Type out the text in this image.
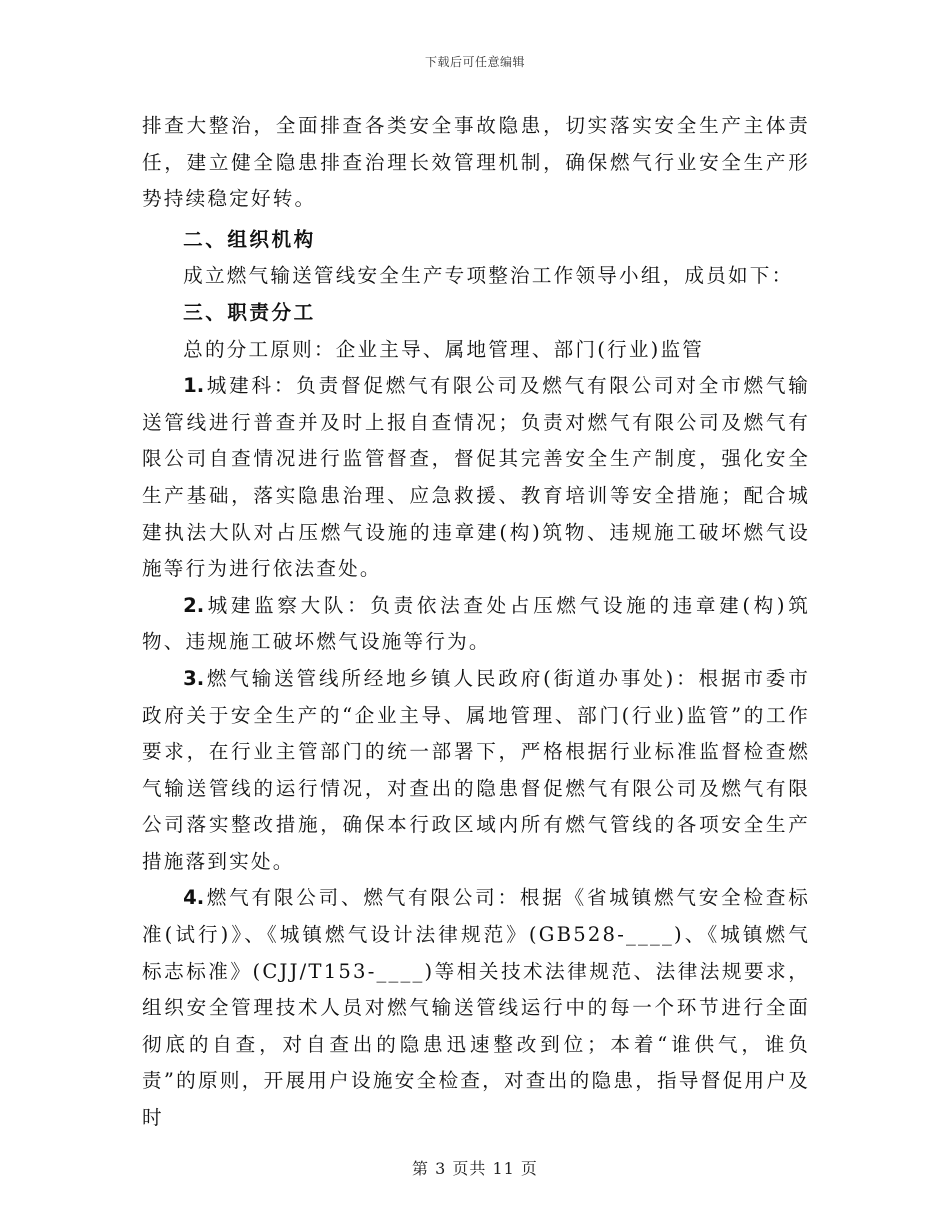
下载后可任意编辑

排查大整治，全面排查各类安全事故隐患，切实落实安全生产主体责任，建立健全隐患排查治理长效管理机制，确保燃气行业安全生产形势持续稳定好转。

二、组织机构

成立燃气输送管线安全生产专项整治工作领导小组，成员如下：

三、职责分工

总的分工原则：企业主导、属地管理、部门(行业)监管

1. 城建科：负责督促燃气有限公司及燃气有限公司对全市燃气输送管线进行普查并及时上报自查情况；负责对燃气有限公司及燃气有限公司自查情况进行监管督查，督促其完善安全生产制度，强化安全生产基础，落实隐患治理、应急救援、教育培训等安全措施；配合城建执法大队对占压燃气设施的违章建(构)筑物、违规施工破坏燃气设施等行为进行依法查处。

2. 城建监察大队：负责依法查处占压燃气设施的违章建(构)筑物、违规施工破坏燃气设施等行为。

3. 燃气输送管线所经地乡镇人民政府(街道办事处)：根据市委市政府关于安全生产的“企业主导、属地管理、部门(行业)监管”的工作要求，在行业主管部门的统一部署下，严格根据行业标准监督检查燃气输送管线的运行情况，对查出的隐患督促燃气有限公司及燃气有限公司落实整改措施，确保本行政区域内所有燃气管线的各项安全生产措施落到实处。

4. 燃气有限公司、燃气有限公司：根据《省城镇燃气安全检查标准(试行)》、《城镇燃气设计法律规范》(GB528-____)、《城镇燃气标志标准》(CJJ/T153-____)等相关技术法律规范、法律法规要求，组织安全管理技术人员对燃气输送管线运行中的每一个环节进行全面彻底的自查，对自查出的隐患迅速整改到位；本着“谁供气，谁负责”的原则，开展用户设施安全检查，对查出的隐患，指导督促用户及时

第 3 页共 11 页
